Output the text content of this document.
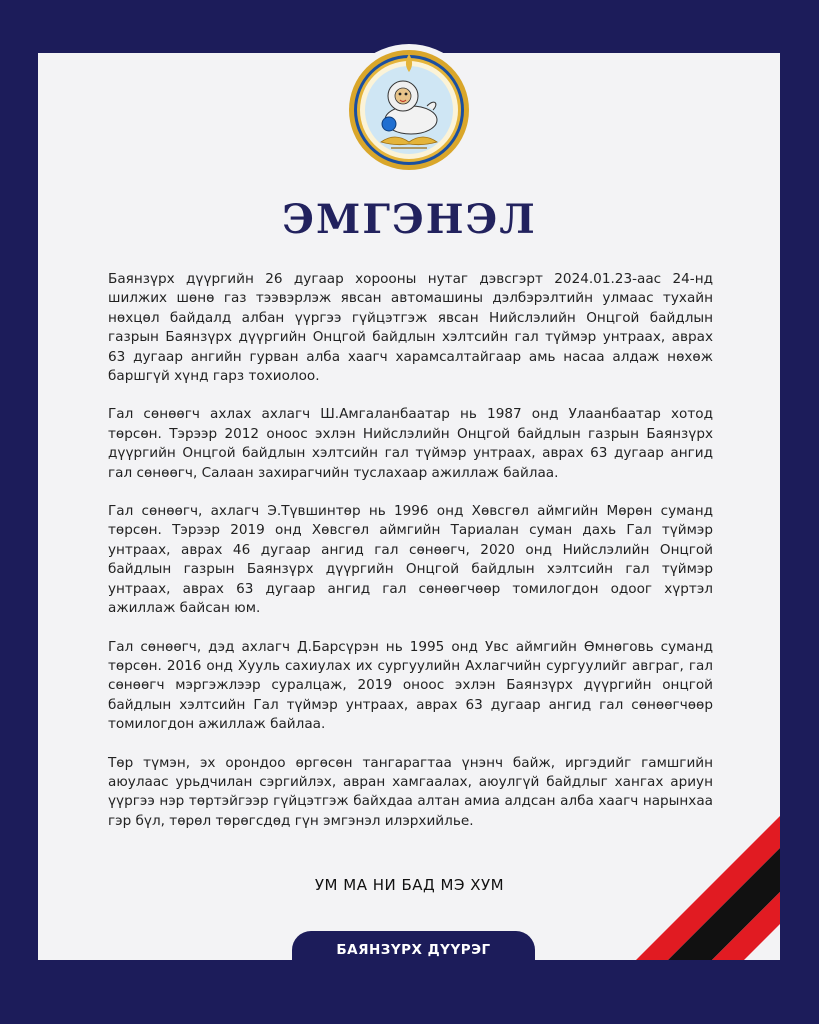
ЭМГЭНЭЛ

Баянзүрх дүүргийн 26 дугаар хорооны нутаг дэвсгэрт 2024.01.23-аас 24-нд шилжих шөнө газ тээвэрлэж явсан автомашины дэлбэрэлтийн улмаас тухайн нөхцөл байдалд албан үүргээ гүйцэтгэж явсан Нийслэлийн Онцгой байдлын газрын Баянзүрх дүүргийн Онцгой байдлын хэлтсийн гал түймэр унтраах, аврах 63 дугаар ангийн гурван алба хаагч харамсалтайгаар амь насаа алдаж нөхөж баршгүй хүнд гарз тохиолоо.

Гал сөнөөгч ахлах ахлагч Ш.Амгаланбаатар нь 1987 онд Улаанбаатар хотод төрсөн. Тэрээр 2012 оноос эхлэн Нийслэлийн Онцгой байдлын газрын Баянзүрх дүүргийн Онцгой байдлын хэлтсийн гал түймэр унтраах, аврах 63 дугаар ангид гал сөнөөгч, Салаан захирагчийн туслахаар ажиллаж байлаа.

Гал сөнөөгч, ахлагч Э.Түвшинтөр нь 1996 онд Хөвсгөл аймгийн Мөрөн суманд төрсөн. Тэрээр 2019 онд Хөвсгөл аймгийн Тариалан суман дахь Гал түймэр унтраах, аврах 46 дугаар ангид гал сөнөөгч, 2020 онд Нийслэлийн Онцгой байдлын газрын Баянзүрх дүүргийн Онцгой байдлын хэлтсийн гал түймэр унтраах, аврах 63 дугаар ангид гал сөнөөгчөөр томилогдон одоог хүртэл ажиллаж байсан юм.

Гал сөнөөгч, дэд ахлагч Д.Барсүрэн нь 1995 онд Увс аймгийн Өмнөговь суманд төрсөн. 2016 онд Хууль сахиулах их сургуулийн Ахлагчийн сургуулийг авграг, гал сөнөөгч мэргэжлээр суралцаж, 2019 оноос эхлэн Баянзүрх дүүргийн онцгой байдлын хэлтсийн Гал түймэр унтраах, аврах 63 дугаар ангид гал сөнөөгчөөр томилогдон ажиллаж байлаа.

Төр түмэн, эх орондоо өргөсөн тангарагтаа үнэнч байж, иргэдийг гамшгийн аюулаас урьдчилан сэргийлэх, авран хамгаалах, аюулгүй байдлыг хангах ариун үүргээ нэр төртэйгээр гүйцэтгэж байхдаа алтан амиа алдсан алба хаагч нарынхаа гэр бүл, төрөл төрөгсдөд гүн эмгэнэл илэрхийлье.

УМ МА НИ БАД МЭ ХУМ
БАЯНЗҮРХ ДҮҮРЭГ
